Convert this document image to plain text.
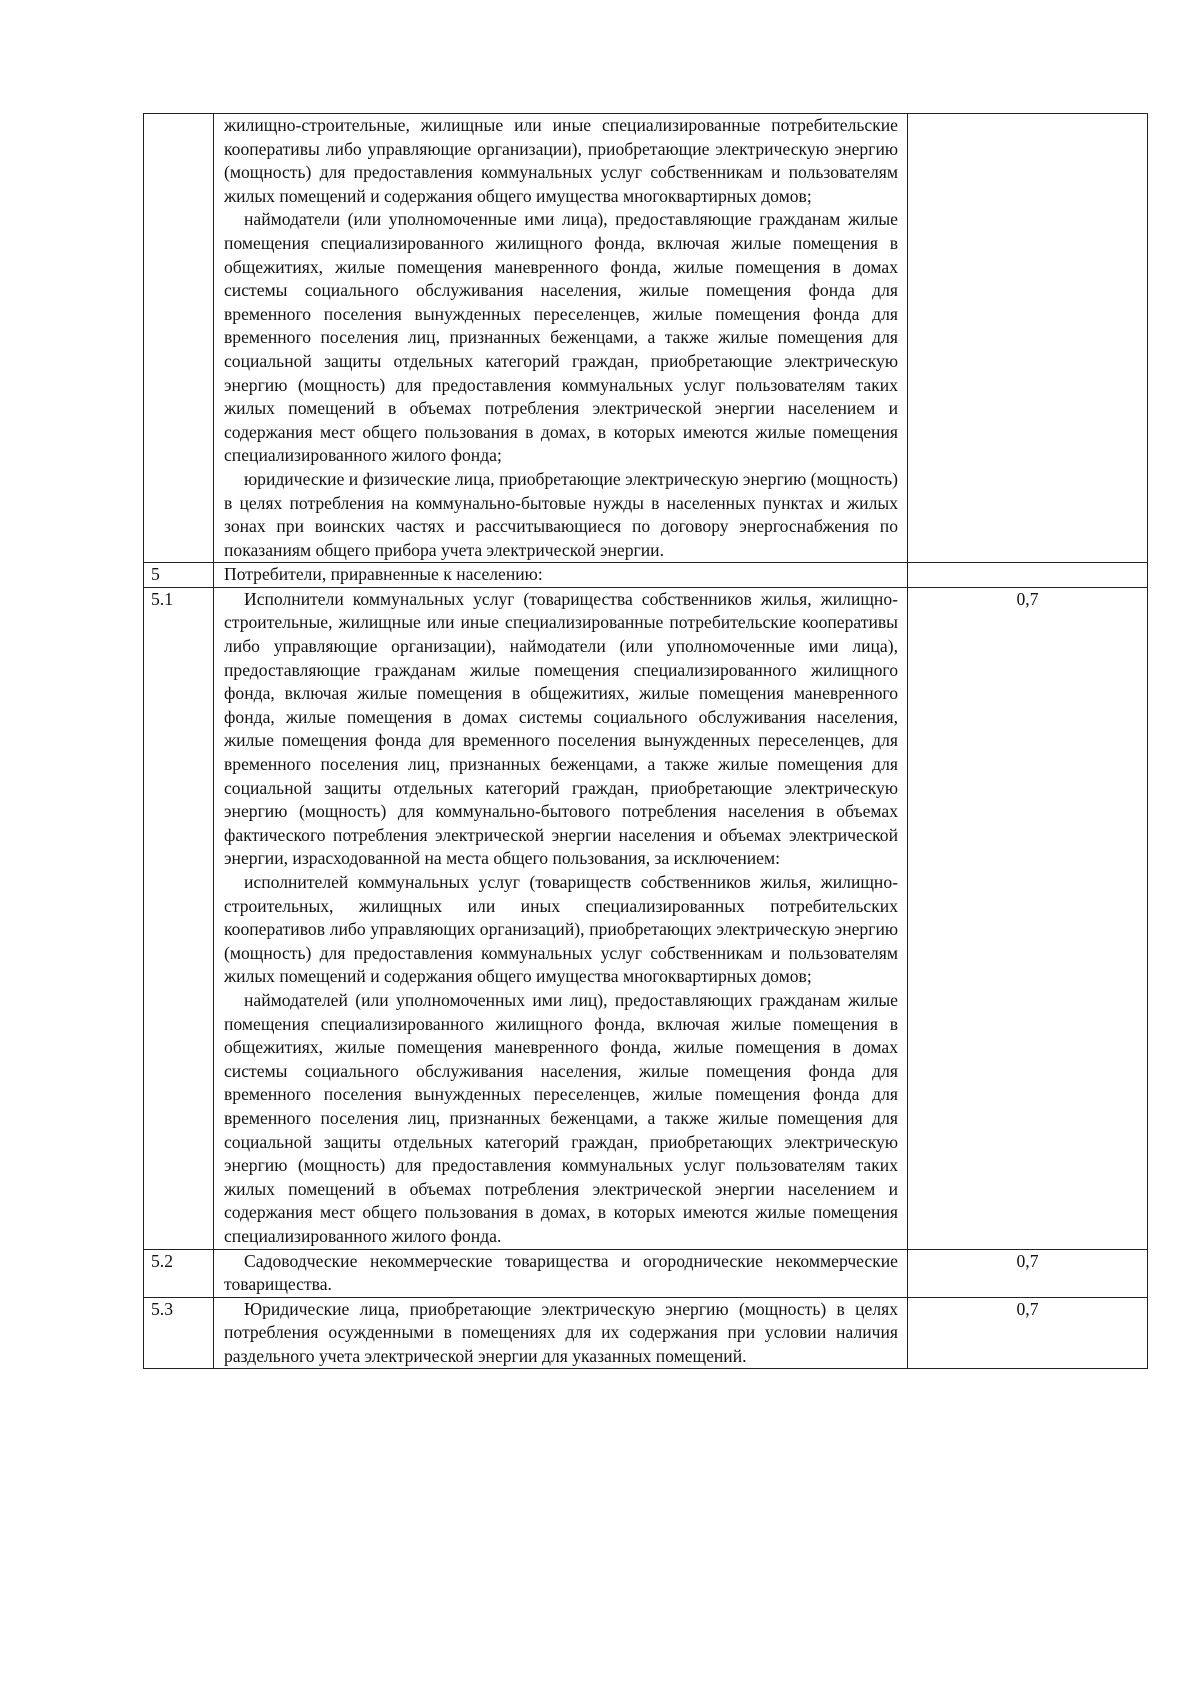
	жилищно-строительные, жилищные или иные специализированные потребительские кооперативы либо управляющие организации), приобретающие электрическую энергию (мощность) для предоставления коммунальных услуг собственникам и пользователям жилых помещений и содержания общего имущества многоквартирных домов;

наймодатели (или уполномоченные ими лица), предоставляющие гражданам жилые помещения специализированного жилищного фонда, включая жилые помещения в общежитиях, жилые помещения маневренного фонда, жилые помещения в домах системы социального обслуживания населения, жилые помещения фонда для временного поселения вынужденных переселенцев, жилые помещения фонда для временного поселения лиц, признанных беженцами, а также жилые помещения для социальной защиты отдельных категорий граждан, приобретающие электрическую энергию (мощность) для предоставления коммунальных услуг пользователям таких жилых помещений в объемах потребления электрической энергии населением и содержания мест общего пользования в домах, в которых имеются жилые помещения специализированного жилого фонда;

юридические и физические лица, приобретающие электрическую энергию (мощность) в целях потребления на коммунально-бытовые нужды в населенных пунктах и жилых зонах при воинских частях и рассчитывающиеся по договору энергоснабжения по показаниям общего прибора учета электрической энергии.	

5	Потребители, приравненные к населению:	

5.1	Исполнители коммунальных услуг (товарищества собственников жилья, жилищно-строительные, жилищные или иные специализированные потребительские кооперативы либо управляющие организации), наймодатели (или уполномоченные ими лица), предоставляющие гражданам жилые помещения специализированного жилищного фонда, включая жилые помещения в общежитиях, жилые помещения маневренного фонда, жилые помещения в домах системы социального обслуживания населения, жилые помещения фонда для временного поселения вынужденных переселенцев, для временного поселения лиц, признанных беженцами, а также жилые помещения для социальной защиты отдельных категорий граждан, приобретающие электрическую энергию (мощность) для коммунально-бытового потребления населения в объемах фактического потребления электрической энергии населения и объемах электрической энергии, израсходованной на места общего пользования, за исключением:

исполнителей коммунальных услуг (товариществ собственников жилья, жилищно-строительных, жилищных или иных специализированных потребительских кооперативов либо управляющих организаций), приобретающих электрическую энергию (мощность) для предоставления коммунальных услуг собственникам и пользователям жилых помещений и содержания общего имущества многоквартирных домов;

наймодателей (или уполномоченных ими лиц), предоставляющих гражданам жилые помещения специализированного жилищного фонда, включая жилые помещения в общежитиях, жилые помещения маневренного фонда, жилые помещения в домах системы социального обслуживания населения, жилые помещения фонда для временного поселения вынужденных переселенцев, жилые помещения фонда для временного поселения лиц, признанных беженцами, а также жилые помещения для социальной защиты отдельных категорий граждан, приобретающих электрическую энергию (мощность) для предоставления коммунальных услуг пользователям таких жилых помещений в объемах потребления электрической энергии населением и содержания мест общего пользования в домах, в которых имеются жилые помещения специализированного жилого фонда.	0,7
5.2	Садоводческие некоммерческие товарищества и огороднические некоммерческие товарищества.	0,7
5.3	Юридические лица, приобретающие электрическую энергию (мощность) в целях потребления осужденными в помещениях для их содержания при условии наличия раздельного учета электрической энергии для указанных помещений.	0,7
